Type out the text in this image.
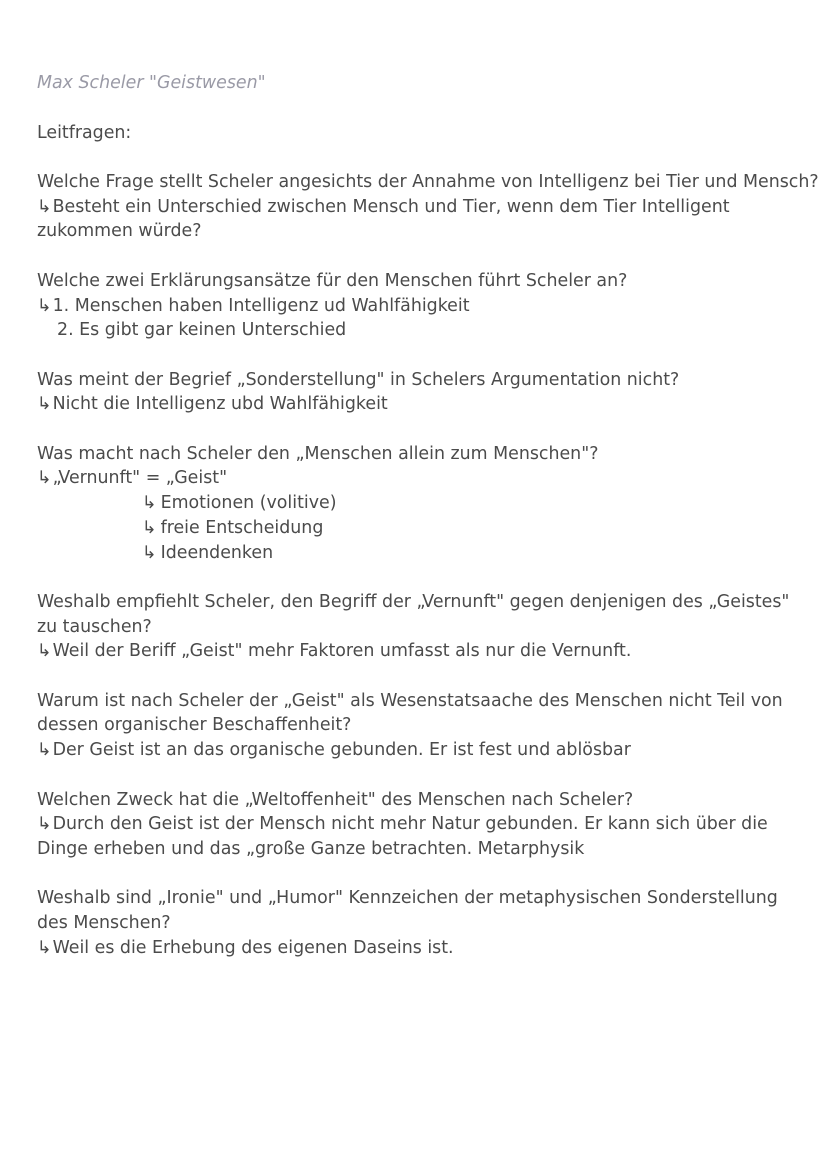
Max Scheler "Geistwesen"

Leitfragen:

Welche Frage stellt Scheler angesichts der Annahme von Intelligenz bei Tier und Mensch?

↳Besteht ein Unterschied zwischen Mensch und Tier, wenn dem Tier Intelligent zukommen würde?

Welche zwei Erklärungsansätze für den Menschen führt Scheler an?

↳1. Menschen haben Intelligenz ud Wahlfähigkeit

2. Es gibt gar keinen Unterschied

Was meint der Begrief „Sonderstellung" in Schelers Argumentation nicht?

↳Nicht die Intelligenz ubd Wahlfähigkeit

Was macht nach Scheler den „Menschen allein zum Menschen"?

↳„Vernunft" = „Geist"

↳ Emotionen (volitive)

↳ freie Entscheidung

↳ Ideendenken

Weshalb empfiehlt Scheler, den Begriff der „Vernunft" gegen denjenigen des „Geistes" zu tauschen?

↳Weil der Beriff „Geist" mehr Faktoren umfasst als nur die Vernunft.

Warum ist nach Scheler der „Geist" als Wesenstatsaache des Menschen nicht Teil von dessen organischer Beschaffenheit?

↳Der Geist ist an das organische gebunden. Er ist fest und ablösbar

Welchen Zweck hat die „Weltoffenheit" des Menschen nach Scheler?

↳Durch den Geist ist der Mensch nicht mehr Natur gebunden. Er kann sich über die Dinge erheben und das „große Ganze betrachten. Metarphysik

Weshalb sind „Ironie" und „Humor" Kennzeichen der metaphysischen Sonderstellung des Menschen?

↳Weil es die Erhebung des eigenen Daseins ist.
